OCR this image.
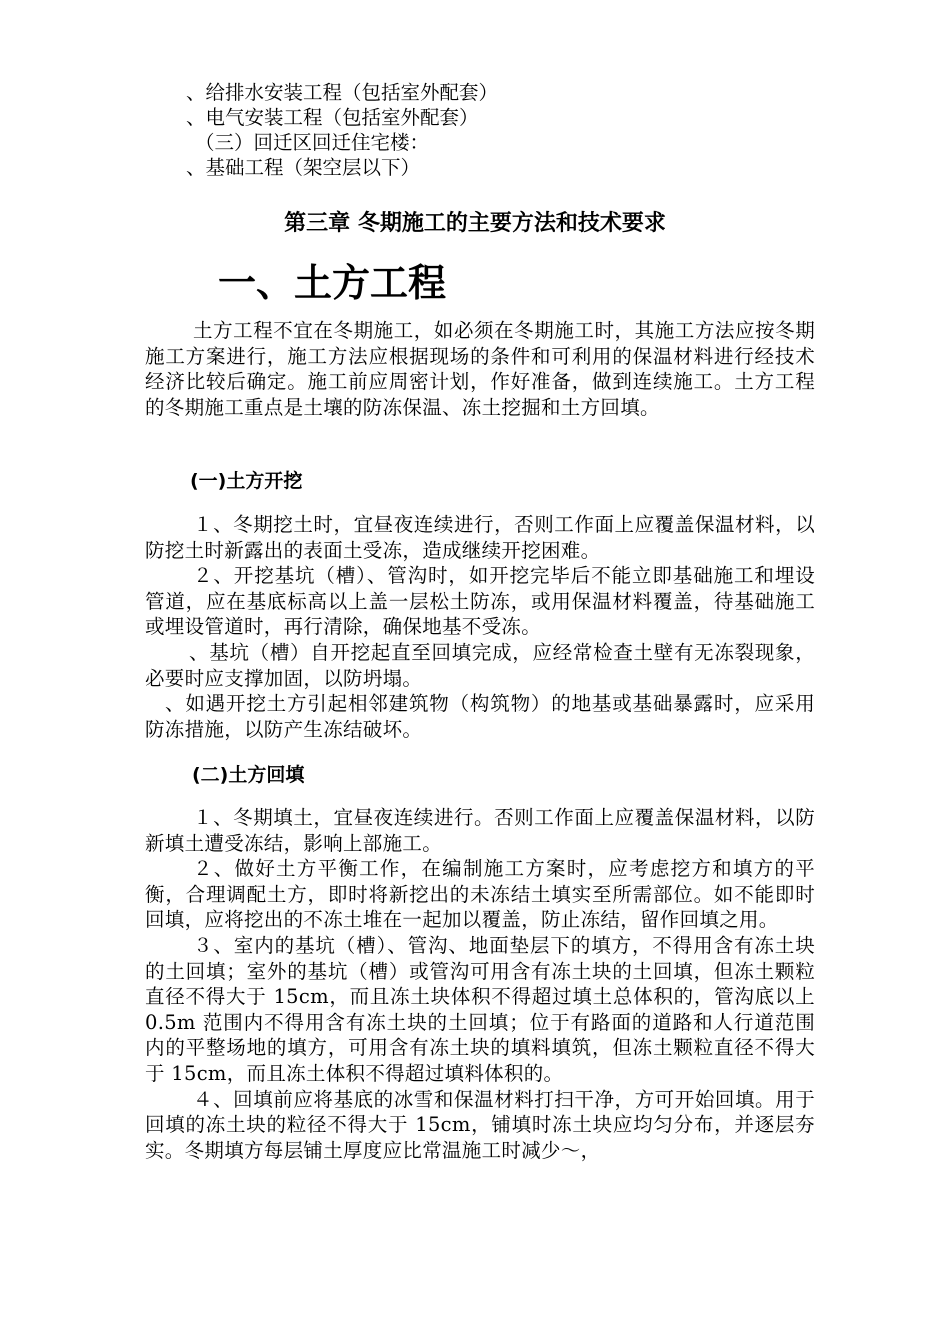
、给排水安装工程（包括室外配套）
、电气安装工程（包括室外配套）
（三）回迁区回迁住宅楼：
、基础工程（架空层以下）
第三章 冬期施工的主要方法和技术要求
一、土方工程

土方工程不宜在冬期施工，如必须在冬期施工时，其施工方法应按冬期施工方案进行，施工方法应根据现场的条件和可利用的保温材料进行经技术经济比较后确定。施工前应周密计划，作好准备，做到连续施工。土方工程的冬期施工重点是土壤的防冻保温、冻土挖掘和土方回填。

(一)土方开挖

１、冬期挖土时，宜昼夜连续进行，否则工作面上应覆盖保温材料，以防挖土时新露出的表面土受冻，造成继续开挖困难。

２、开挖基坑（槽）、管沟时，如开挖完毕后不能立即基础施工和埋设管道，应在基底标高以上盖一层松土防冻，或用保温材料覆盖，待基础施工或埋设管道时，再行清除，确保地基不受冻。

、基坑（槽）自开挖起直至回填完成，应经常检查土壁有无冻裂现象，必要时应支撑加固，以防坍塌。

、如遇开挖土方引起相邻建筑物（构筑物）的地基或基础暴露时，应采用防冻措施，以防产生冻结破坏。

(二)土方回填

１、冬期填土，宜昼夜连续进行。否则工作面上应覆盖保温材料，以防新填土遭受冻结，影响上部施工。

２、做好土方平衡工作，在编制施工方案时，应考虑挖方和填方的平衡，合理调配土方，即时将新挖出的未冻结土填实至所需部位。如不能即时回填，应将挖出的不冻土堆在一起加以覆盖，防止冻结，留作回填之用。

３、室内的基坑（槽）、管沟、地面垫层下的填方，不得用含有冻土块的土回填；室外的基坑（槽）或管沟可用含有冻土块的土回填，但冻土颗粒直径不得大于 15cm，而且冻土块体积不得超过填土总体积的，管沟底以上 0.5m 范围内不得用含有冻土块的土回填；位于有路面的道路和人行道范围内的平整场地的填方，可用含有冻土块的填料填筑，但冻土颗粒直径不得大于 15cm，而且冻土体积不得超过填料体积的。

４、回填前应将基底的冰雪和保温材料打扫干净，方可开始回填。用于回填的冻土块的粒径不得大于 15cm，铺填时冻土块应均匀分布，并逐层夯实。冬期填方每层铺土厚度应比常温施工时减少～，
